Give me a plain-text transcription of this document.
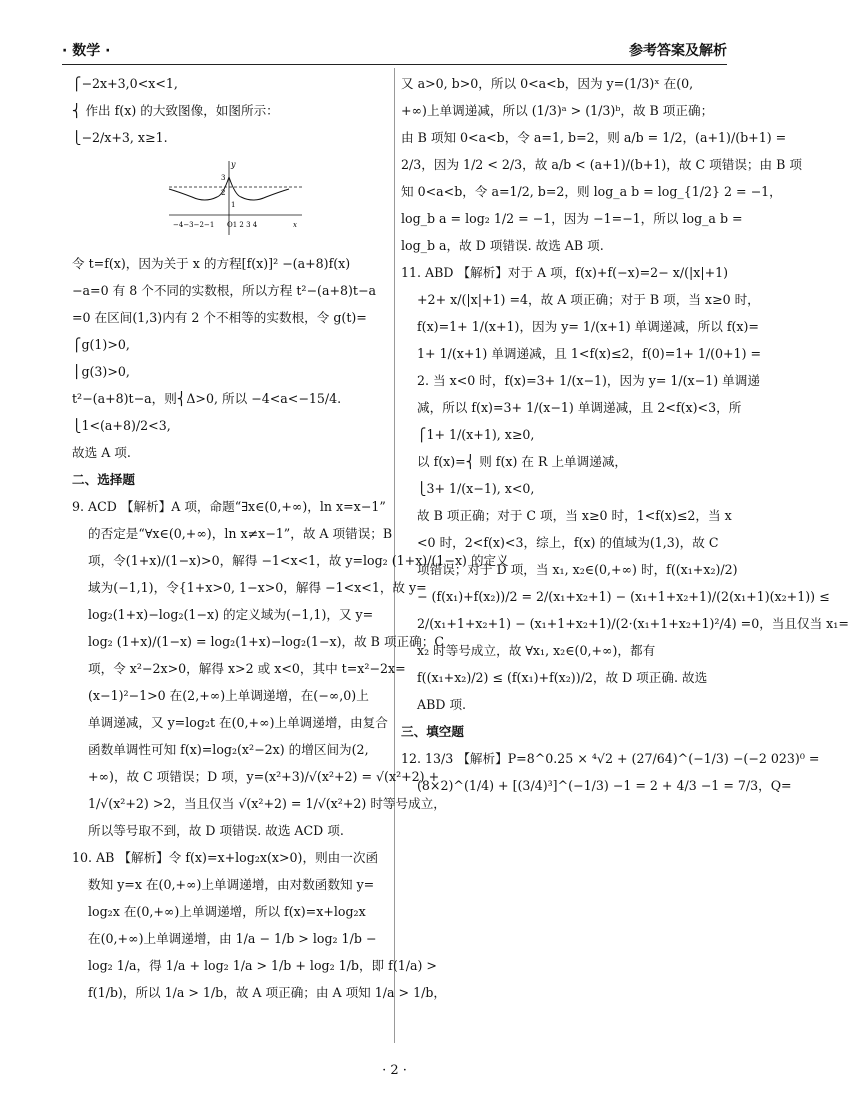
· 数学 ·	参考答案及解析
⎧−2x+3,0<x<1,
⎨ 作出 f(x) 的大致图像，如图所示：
⎩−2/x+3, x≥1.
y
3
2
1
−4−3−2−1 O1 2 3 4	x
令 t=f(x)，因为关于 x 的方程[f(x)]² −(a+8)f(x)
−a=0 有 8 个不同的实数根，所以方程 t²−(a+8)t−a
=0 在区间(1,3)内有 2 个不相等的实数根，令 g(t)=
⎧g(1)>0,
⎪g(3)>0,
t²−(a+8)t−a，则⎨Δ>0, 所以 −4<a<−15/4.
⎩1<(a+8)/2<3,
故选 A 项.
二、选择题
9. ACD 【解析】A 项，命题“∃x∈(0,+∞)，ln x=x−1”
的否定是“∀x∈(0,+∞)，ln x≠x−1”，故 A 项错误；B
项，令(1+x)/(1−x)>0，解得 −1<x<1，故 y=log₂ (1+x)/(1−x) 的定义
域为(−1,1)，令{1+x>0, 1−x>0，解得 −1<x<1，故 y=
log₂(1+x)−log₂(1−x) 的定义域为(−1,1)，又 y=
log₂ (1+x)/(1−x) = log₂(1+x)−log₂(1−x)，故 B 项正确；C
项，令 x²−2x>0，解得 x>2 或 x<0，其中 t=x²−2x=
(x−1)²−1>0 在(2,+∞)上单调递增，在(−∞,0)上
单调递减，又 y=log₂t 在(0,+∞)上单调递增，由复合
函数单调性可知 f(x)=log₂(x²−2x) 的增区间为(2,
+∞)，故 C 项错误；D 项，y=(x²+3)/√(x²+2) = √(x²+2) +
1/√(x²+2) >2，当且仅当 √(x²+2) = 1/√(x²+2) 时等号成立，
所以等号取不到，故 D 项错误. 故选 ACD 项.
10. AB 【解析】令 f(x)=x+log₂x(x>0)，则由一次函
数知 y=x 在(0,+∞)上单调递增，由对数函数知 y=
log₂x 在(0,+∞)上单调递增，所以 f(x)=x+log₂x
在(0,+∞)上单调递增，由 1/a − 1/b > log₂ 1/b −
log₂ 1/a，得 1/a + log₂ 1/a > 1/b + log₂ 1/b，即 f(1/a) >
f(1/b)，所以 1/a > 1/b，故 A 项正确；由 A 项知 1/a > 1/b，
又 a>0, b>0，所以 0<a<b，因为 y=(1/3)ˣ 在(0,
+∞)上单调递减，所以 (1/3)ᵃ > (1/3)ᵇ，故 B 项正确；
由 B 项知 0<a<b，令 a=1, b=2，则 a/b = 1/2，(a+1)/(b+1) =
2/3，因为 1/2 < 2/3，故 a/b < (a+1)/(b+1)，故 C 项错误；由 B 项
知 0<a<b，令 a=1/2, b=2，则 log_a b = log_{1/2} 2 = −1，
log_b a = log₂ 1/2 = −1，因为 −1=−1，所以 log_a b =
log_b a，故 D 项错误. 故选 AB 项.
11. ABD 【解析】对于 A 项，f(x)+f(−x)=2− x/(|x|+1)
+2+ x/(|x|+1) =4，故 A 项正确；对于 B 项，当 x≥0 时，
f(x)=1+ 1/(x+1)，因为 y= 1/(x+1) 单调递减，所以 f(x)=
1+ 1/(x+1) 单调递减，且 1<f(x)≤2，f(0)=1+ 1/(0+1) =
2. 当 x<0 时，f(x)=3+ 1/(x−1)，因为 y= 1/(x−1) 单调递
减，所以 f(x)=3+ 1/(x−1) 单调递减，且 2<f(x)<3，所
⎧1+ 1/(x+1), x≥0,
以 f(x)=⎨ 则 f(x) 在 R 上单调递减，
⎩3+ 1/(x−1), x<0,
故 B 项正确；对于 C 项，当 x≥0 时，1<f(x)≤2，当 x
<0 时，2<f(x)<3，综上，f(x) 的值域为(1,3)，故 C
项错误；对于 D 项，当 x₁, x₂∈(0,+∞) 时，f((x₁+x₂)/2)
− (f(x₁)+f(x₂))/2 = 2/(x₁+x₂+1) − (x₁+1+x₂+1)/(2(x₁+1)(x₂+1)) ≤
2/(x₁+1+x₂+1) − (x₁+1+x₂+1)/(2·(x₁+1+x₂+1)²/4) =0，当且仅当 x₁=
x₂ 时等号成立，故 ∀x₁, x₂∈(0,+∞)，都有
f((x₁+x₂)/2) ≤ (f(x₁)+f(x₂))/2，故 D 项正确. 故选
ABD 项.
三、填空题
12. 13/3 【解析】P=8^0.25 × ⁴√2 + (27/64)^(−1/3) −(−2 023)⁰ =
(8×2)^(1/4) + [(3/4)³]^(−1/3) −1 = 2 + 4/3 −1 = 7/3，Q=
· 2 ·
